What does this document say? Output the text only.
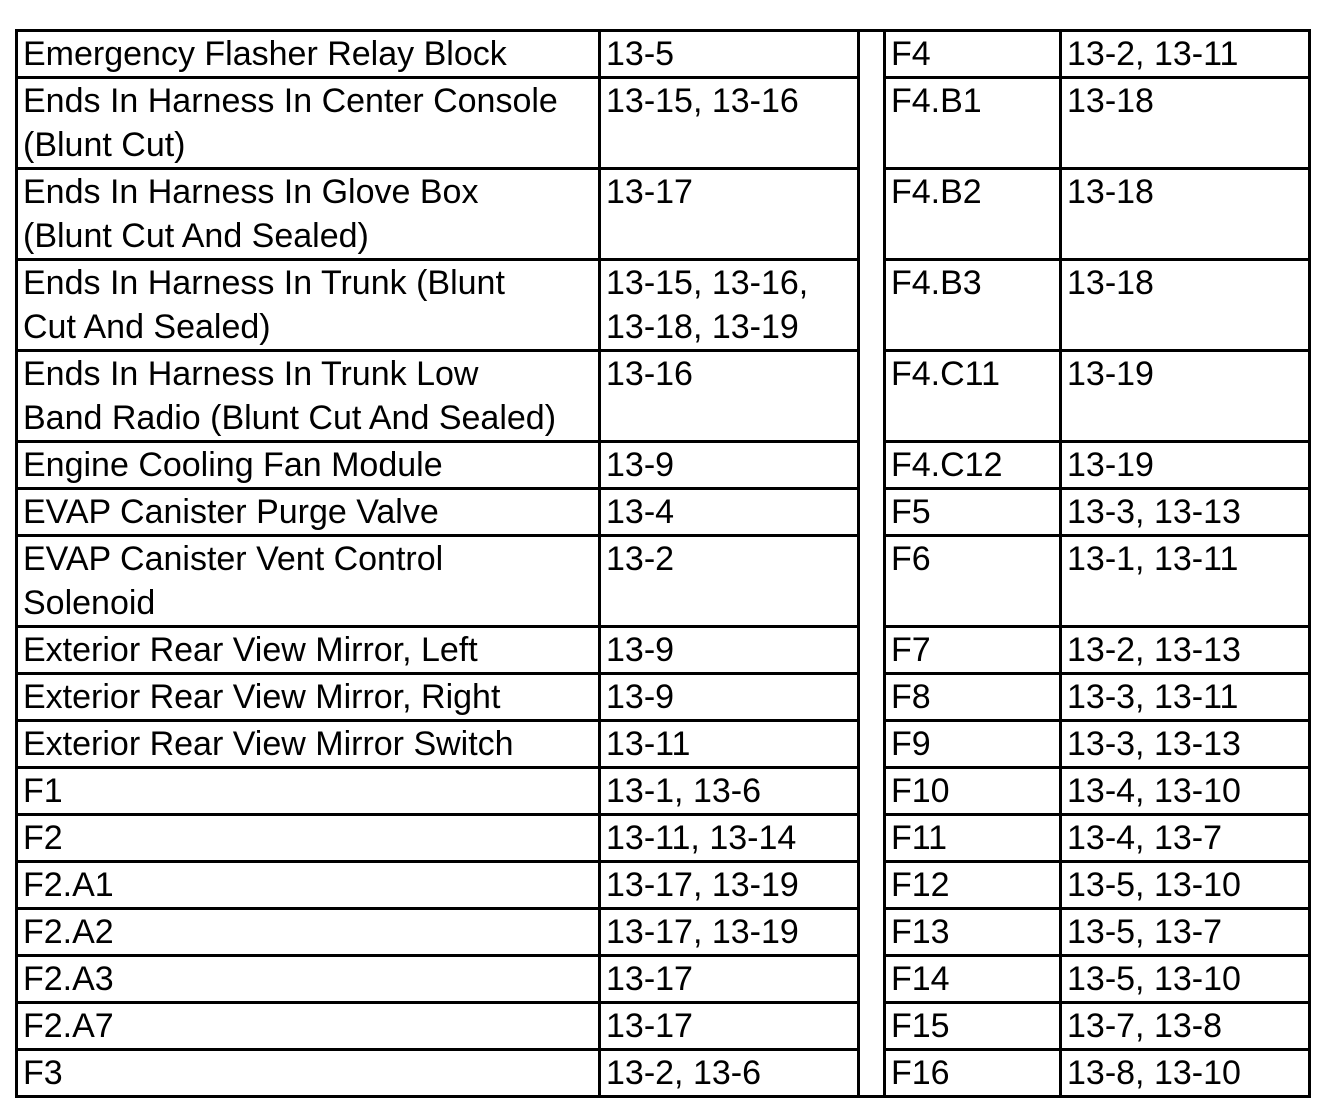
Emergency Flasher Relay Block	13-5		F4	13-2, 13-11
Ends In Harness In Center Console
(Blunt Cut)	13-15, 13-16		F4.B1	13-18
Ends In Harness In Glove Box
(Blunt Cut And Sealed)	13-17		F4.B2	13-18
Ends In Harness In Trunk (Blunt
Cut And Sealed)	13-15, 13-16,
13-18, 13-19		F4.B3	13-18
Ends In Harness In Trunk Low
Band Radio (Blunt Cut And Sealed)	13-16		F4.C11	13-19
Engine Cooling Fan Module	13-9		F4.C12	13-19
EVAP Canister Purge Valve	13-4		F5	13-3, 13-13
EVAP Canister Vent Control
Solenoid	13-2		F6	13-1, 13-11
Exterior Rear View Mirror, Left	13-9		F7	13-2, 13-13
Exterior Rear View Mirror, Right	13-9		F8	13-3, 13-11
Exterior Rear View Mirror Switch	13-11		F9	13-3, 13-13
F1	13-1, 13-6		F10	13-4, 13-10
F2	13-11, 13-14		F11	13-4, 13-7
F2.A1	13-17, 13-19		F12	13-5, 13-10
F2.A2	13-17, 13-19		F13	13-5, 13-7
F2.A3	13-17		F14	13-5, 13-10
F2.A7	13-17		F15	13-7, 13-8
F3	13-2, 13-6		F16	13-8, 13-10
